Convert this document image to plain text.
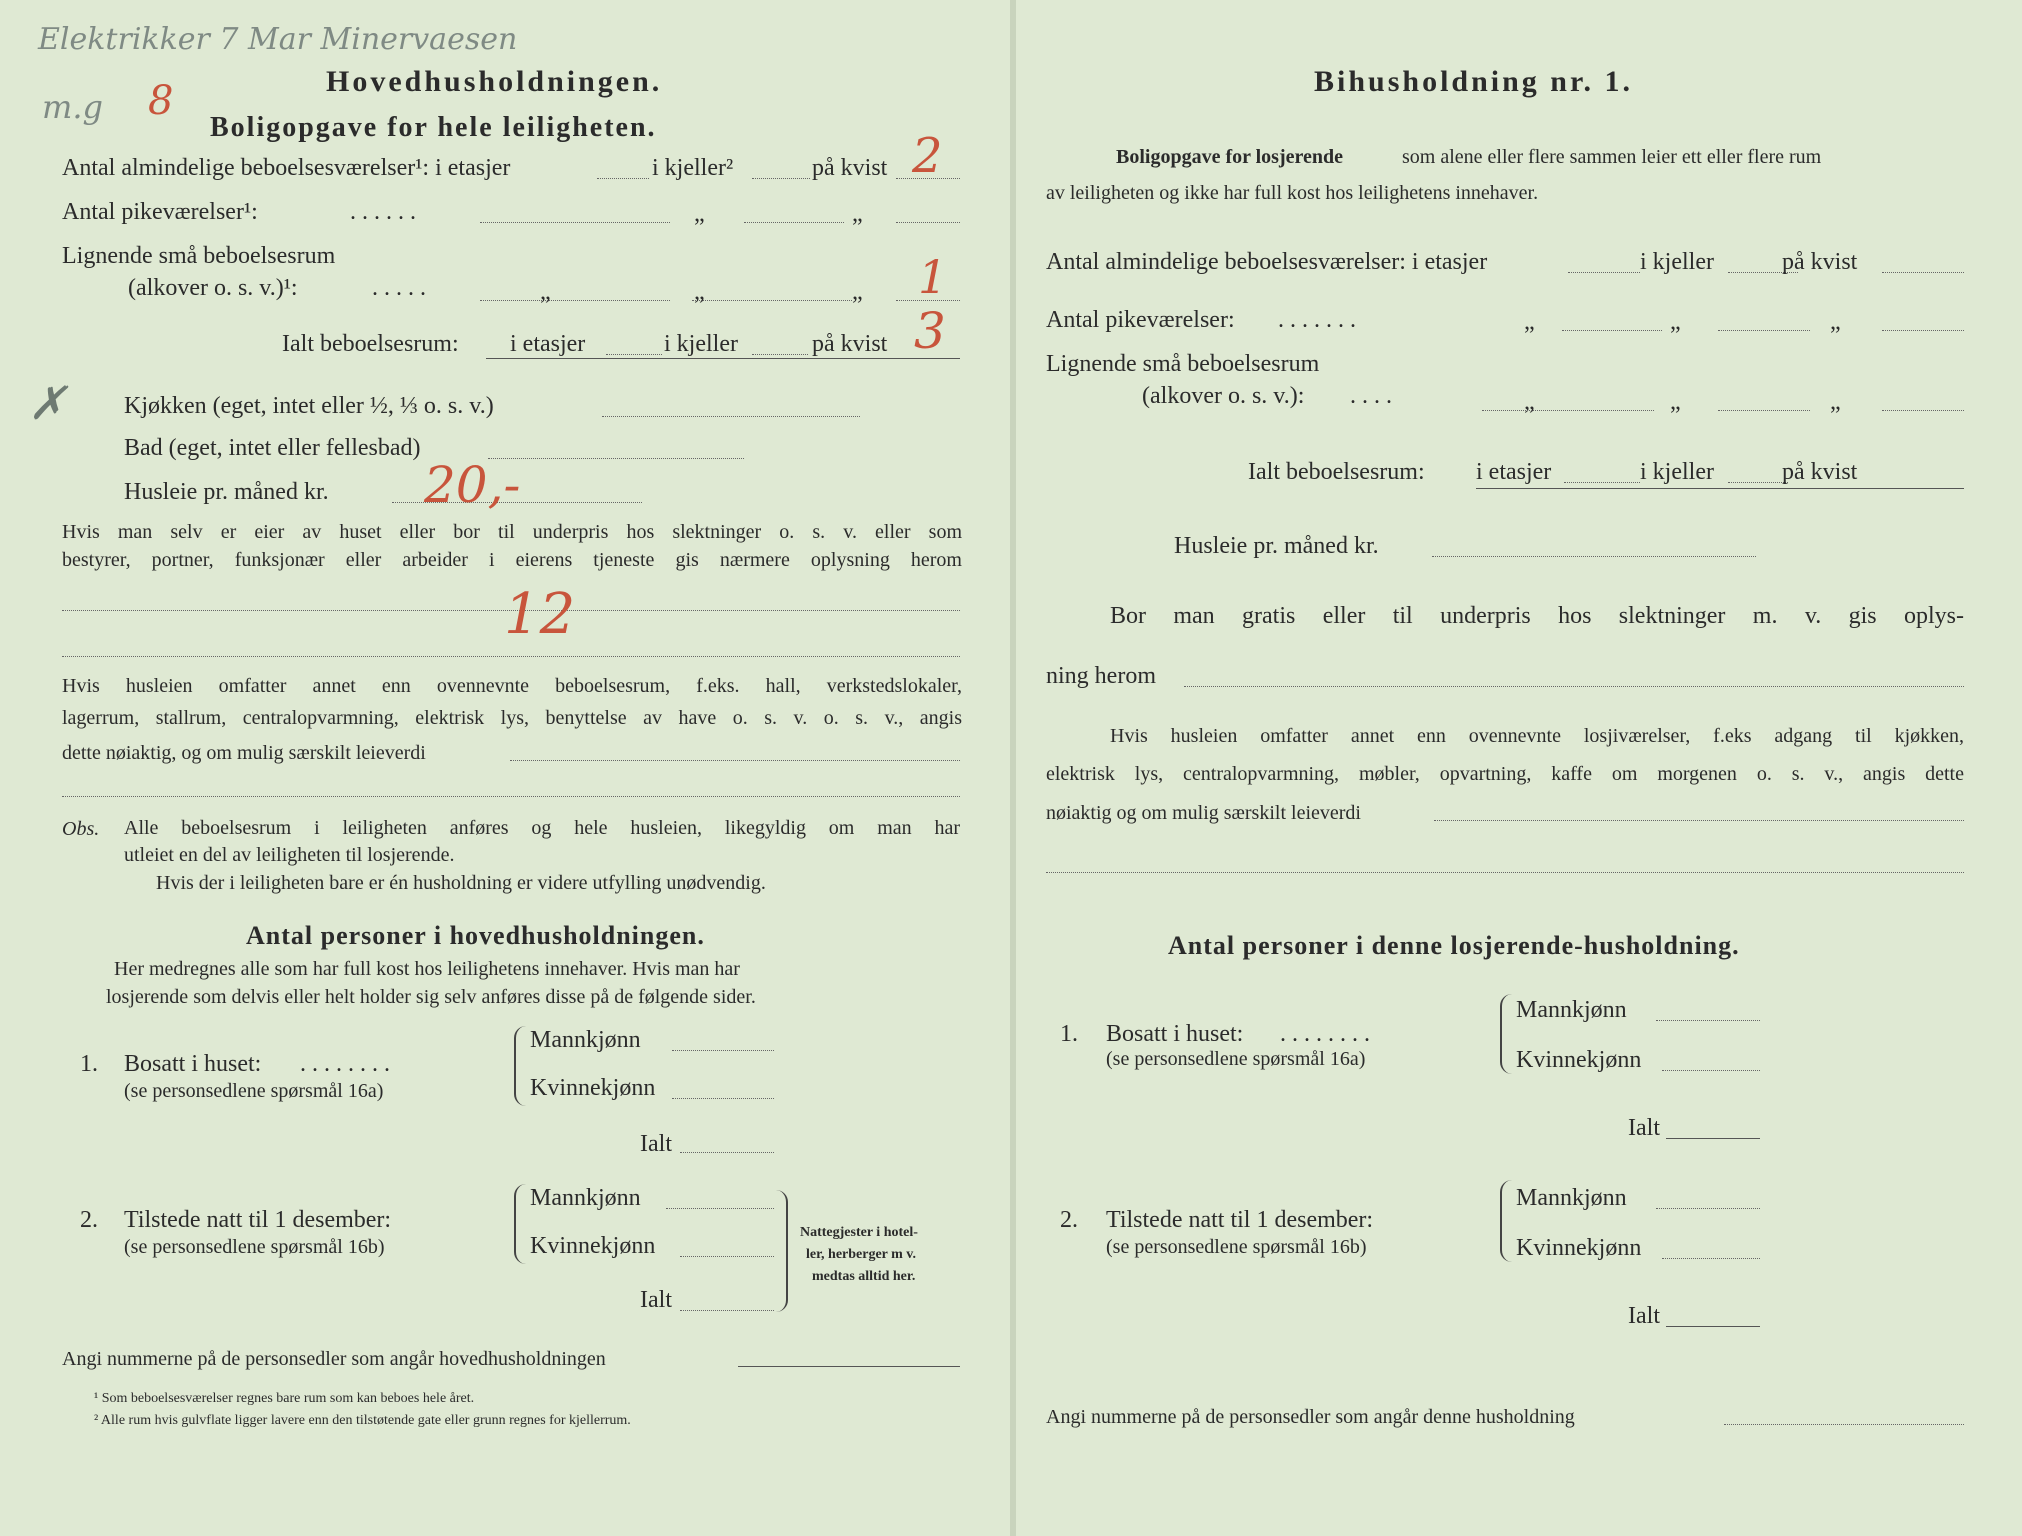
Elektrikker 7 Mar Minervaesen
m.g 8	Hovedhusholdningen.
Boligopgave for hele leiligheten.
Antal almindelige beboelsesværelser¹: i etasjer	i kjeller²	på kvist 2
Antal pikeværelser¹:	. . . . . .	„	„
Lignende små beboelsesrum
(alkover o. s. v.)¹:	. . . . .	„	„	„ 1
Ialt beboelsesrum: i etasjer	i kjeller	på kvist 3
✗ Kjøkken (eget, intet eller ½, ⅓ o. s. v.)
Bad (eget, intet eller fellesbad)
Husleie pr. måned kr. 20,-
Hvis man selv er eier av huset eller bor til underpris hos slektninger o. s. v. eller som
bestyrer, portner, funksjonær eller arbeider i eierens tjeneste gis nærmere oplysning herom
12
Hvis husleien omfatter annet enn ovennevnte beboelsesrum, f.eks. hall, verkstedslokaler,
lagerrum, stallrum, centralopvarmning, elektrisk lys, benyttelse av have o. s. v. o. s. v., angis
dette nøiaktig, og om mulig særskilt leieverdi
Obs. Alle beboelsesrum i leiligheten anføres og hele husleien, likegyldig om man har
utleiet en del av leiligheten til losjerende.
Hvis der i leiligheten bare er én husholdning er videre utfylling unødvendig.
Antal personer i hovedhusholdningen.
Her medregnes alle som har full kost hos leilighetens innehaver. Hvis man har
losjerende som delvis eller helt holder sig selv anføres disse på de følgende sider.
1. Bosatt i huset: . . . . . . . .
(se personsedlene spørsmål 16a)
Mannkjønn
Kvinnekjønn
Ialt
2. Tilstede natt til 1 desember:
(se personsedlene spørsmål 16b)
Mannkjønn
Kvinnekjønn
Ialt
Nattegjester i hotel-
ler, herberger m v.
medtas alltid her.
Angi nummerne på de personsedler som angår hovedhusholdningen
¹ Som beboelsesværelser regnes bare rum som kan beboes hele året.
² Alle rum hvis gulvflate ligger lavere enn den tilstøtende gate eller grunn regnes for kjellerrum.
Bihusholdning nr. 1.
Boligopgave for losjerende	som alene eller flere sammen leier ett eller flere rum
av leiligheten og ikke har full kost hos leilighetens innehaver.
Antal almindelige beboelsesværelser: i etasjer	i kjeller	på kvist
Antal pikeværelser: . . . . . . .	„	„	„
Lignende små beboelsesrum
(alkover o. s. v.): . . . .	„	„	„
Ialt beboelsesrum: i etasjer	i kjeller	på kvist
Husleie pr. måned kr.
Bor man gratis eller til underpris hos slektninger m. v. gis oplys-
ning herom
Hvis husleien omfatter annet enn ovennevnte losjiværelser, f.eks adgang til kjøkken,
elektrisk lys, centralopvarmning, møbler, opvartning, kaffe om morgenen o. s. v., angis dette
nøiaktig og om mulig særskilt leieverdi
Antal personer i denne losjerende-husholdning.
1. Bosatt i huset: . . . . . . . .
(se personsedlene spørsmål 16a)
Mannkjønn
Kvinnekjønn
Ialt
2. Tilstede natt til 1 desember:
(se personsedlene spørsmål 16b)
Mannkjønn
Kvinnekjønn
Ialt
Angi nummerne på de personsedler som angår denne husholdning
